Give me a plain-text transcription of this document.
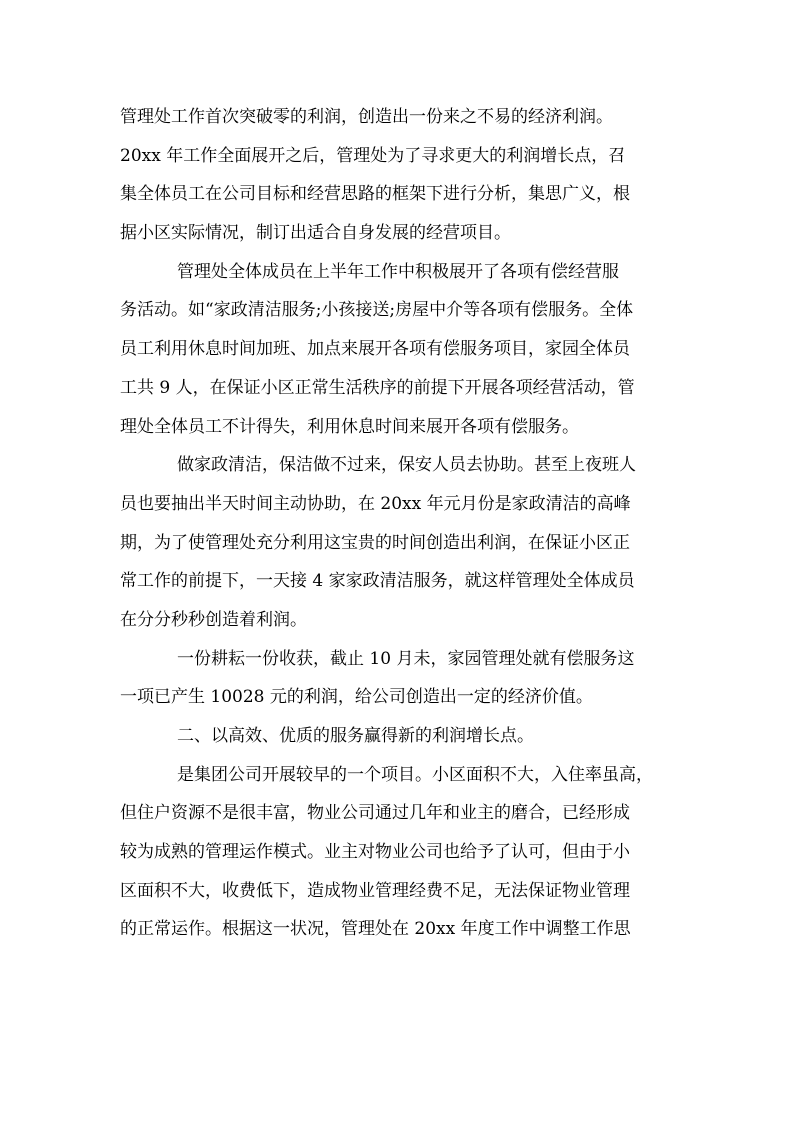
管理处工作首次突破零的利润，创造出一份来之不易的经济利润。
20xx 年工作全面展开之后，管理处为了寻求更大的利润增长点，召
集全体员工在公司目标和经营思路的框架下进行分析，集思广义，根
据小区实际情况，制订出适合自身发展的经营项目。
管理处全体成员在上半年工作中积极展开了各项有偿经营服
务活动。如“家政清洁服务;小孩接送;房屋中介等各项有偿服务。全体
员工利用休息时间加班、加点来展开各项有偿服务项目，家园全体员
工共 9 人，在保证小区正常生活秩序的前提下开展各项经营活动，管
理处全体员工不计得失，利用休息时间来展开各项有偿服务。
做家政清洁，保洁做不过来，保安人员去协助。甚至上夜班人
员也要抽出半天时间主动协助，在 20xx 年元月份是家政清洁的高峰
期，为了使管理处充分利用这宝贵的时间创造出利润，在保证小区正
常工作的前提下，一天接 4 家家政清洁服务，就这样管理处全体成员
在分分秒秒创造着利润。
一份耕耘一份收获，截止 10 月未，家园管理处就有偿服务这
一项已产生 10028 元的利润，给公司创造出一定的经济价值。
二、以高效、优质的服务赢得新的利润增长点。
是集团公司开展较早的一个项目。小区面积不大，入住率虽高，
但住户资源不是很丰富，物业公司通过几年和业主的磨合，已经形成
较为成熟的管理运作模式。业主对物业公司也给予了认可，但由于小
区面积不大，收费低下，造成物业管理经费不足，无法保证物业管理
的正常运作。根据这一状况，管理处在 20xx 年度工作中调整工作思
